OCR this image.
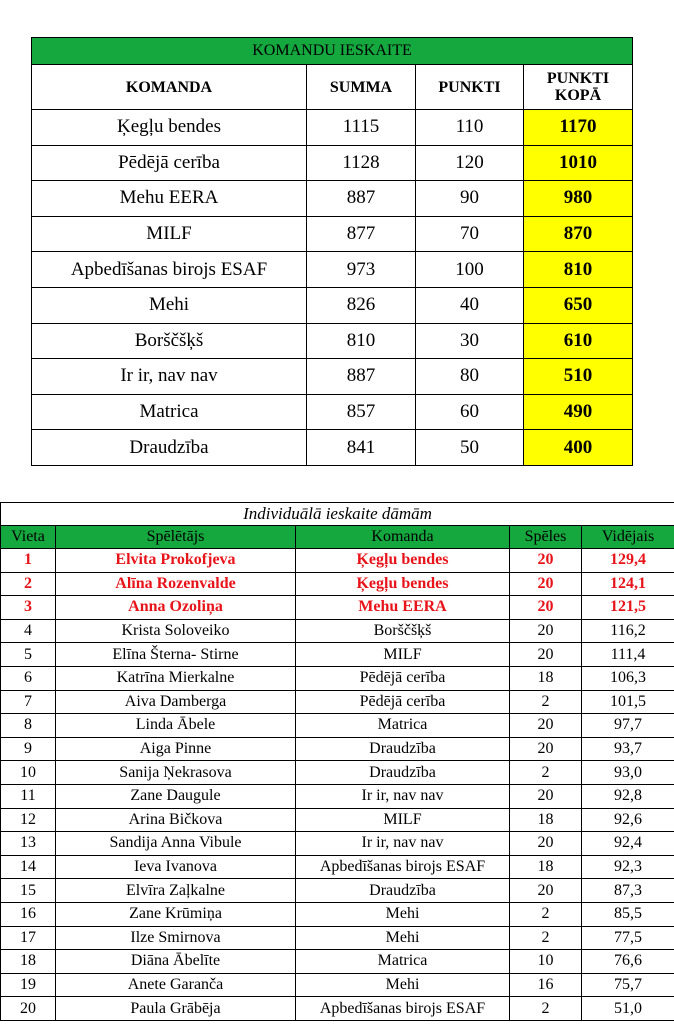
KOMANDU IESKAITE			
KOMANDA	SUMMA	PUNKTI	PUNKTI KOPĀ
Ķegļu bendes	1115	110	1170
Pēdējā cerība	1128	120	1010
Mehu EERA	887	90	980
MILF	877	70	870
Apbedīšanas birojs ESAF	973	100	810
Mehi	826	40	650
Borščšķš	810	30	610
Ir ir, nav nav	887	80	510
Matrica	857	60	490
Draudzība	841	50	400
Individuālā ieskaite dāmām				
Vieta	Spēlētājs	Komanda	Spēles	Vidējais
1	Elvita Prokofjeva	Ķegļu bendes	20	129,4
2	Alīna Rozenvalde	Ķegļu bendes	20	124,1
3	Anna Ozoliņa	Mehu EERA	20	121,5
4	Krista Soloveiko	Borščšķš	20	116,2
5	Elīna Šterna- Stirne	MILF	20	111,4
6	Katrīna Mierkalne	Pēdējā cerība	18	106,3
7	Aiva Damberga	Pēdējā cerība	2	101,5
8	Linda Ābele	Matrica	20	97,7
9	Aiga Pinne	Draudzība	20	93,7
10	Sanija Ņekrasova	Draudzība	2	93,0
11	Zane Daugule	Ir ir, nav nav	20	92,8
12	Arina Bičkova	MILF	18	92,6
13	Sandija Anna Vibule	Ir ir, nav nav	20	92,4
14	Ieva Ivanova	Apbedīšanas birojs ESAF	18	92,3
15	Elvīra Zaļkalne	Draudzība	20	87,3
16	Zane Krūmiņa	Mehi	2	85,5
17	Ilze Smirnova	Mehi	2	77,5
18	Diāna Ābelīte	Matrica	10	76,6
19	Anete Garanča	Mehi	16	75,7
20	Paula Grābēja	Apbedīšanas birojs ESAF	2	51,0
